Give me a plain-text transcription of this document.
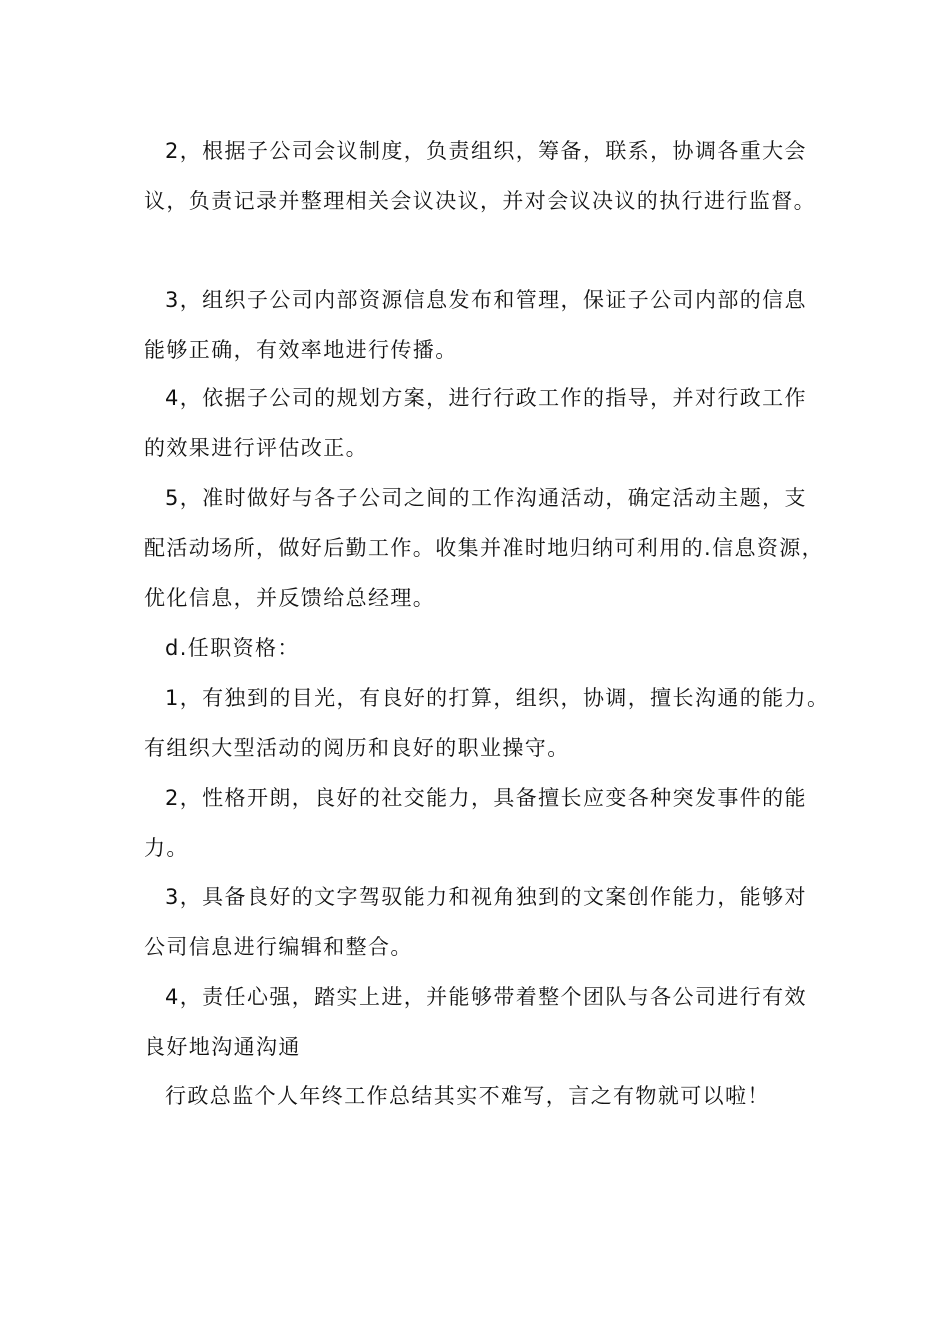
2，根据子公司会议制度，负责组织，筹备，联系，协调各重大会
议，负责记录并整理相关会议决议，并对会议决议的执行进行监督。

3，组织子公司内部资源信息发布和管理，保证子公司内部的信息
能够正确，有效率地进行传播。

4，依据子公司的规划方案，进行行政工作的指导，并对行政工作
的效果进行评估改正。

5，准时做好与各子公司之间的工作沟通活动，确定活动主题，支
配活动场所，做好后勤工作。收集并准时地归纳可利用的.信息资源，
优化信息，并反馈给总经理。

d.任职资格：

1，有独到的目光，有良好的打算，组织，协调，擅长沟通的能力。
有组织大型活动的阅历和良好的职业操守。

2，性格开朗，良好的社交能力，具备擅长应变各种突发事件的能
力。

3，具备良好的文字驾驭能力和视角独到的文案创作能力，能够对
公司信息进行编辑和整合。

4，责任心强，踏实上进，并能够带着整个团队与各公司进行有效
良好地沟通沟通

行政总监个人年终工作总结其实不难写，言之有物就可以啦！
